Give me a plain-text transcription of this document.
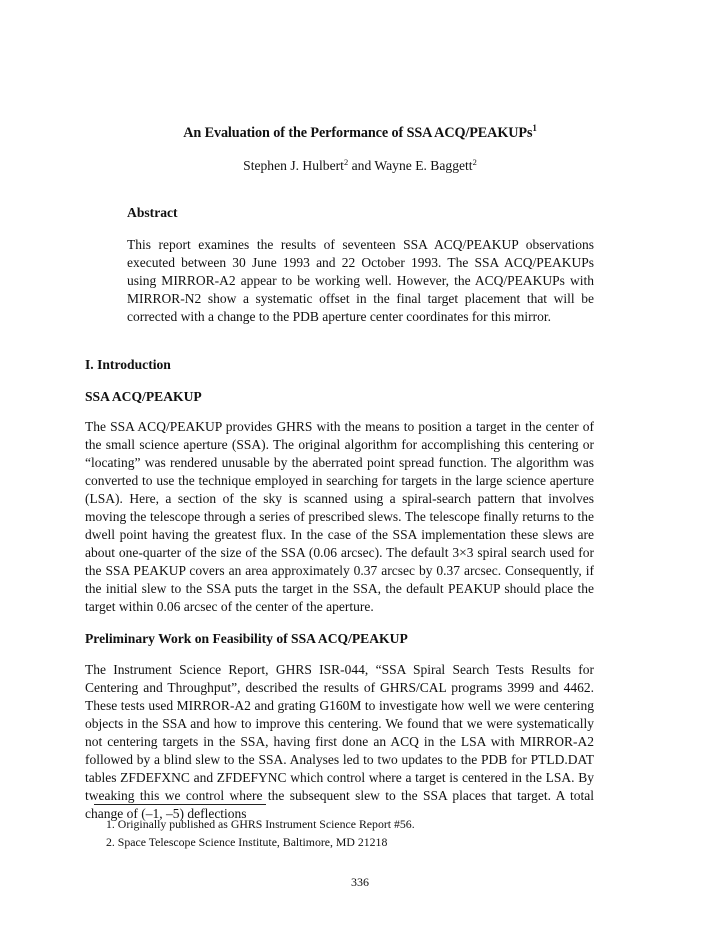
An Evaluation of the Performance of SSA ACQ/PEAKUPs$^1$
Stephen J. Hulbert$^2$ and Wayne E. Baggett$^2$
Abstract
This report examines the results of seventeen SSA ACQ/PEAKUP observations executed between 30 June 1993 and 22 October 1993. The SSA ACQ/PEAKUPs using MIRROR-A2 appear to be working well. However, the ACQ/PEAKUPs with MIRROR-N2 show a systematic offset in the final target placement that will be corrected with a change to the PDB aperture center coordinates for this mirror.
I. Introduction
SSA ACQ/PEAKUP
The SSA ACQ/PEAKUP provides GHRS with the means to position a target in the center of the small science aperture (SSA). The original algorithm for accomplishing this centering or “locating” was rendered unusable by the aberrated point spread function. The algorithm was converted to use the technique employed in searching for targets in the large science aperture (LSA). Here, a section of the sky is scanned using a spiral-search pattern that involves moving the telescope through a series of prescribed slews. The telescope finally returns to the dwell point having the greatest flux. In the case of the SSA implementation these slews are about one-quarter of the size of the SSA (0.06 arcsec). The default 3×3 spiral search used for the SSA PEAKUP covers an area approximately 0.37 arcsec by 0.37 arcsec. Consequently, if the initial slew to the SSA puts the target in the SSA, the default PEAKUP should place the target within 0.06 arcsec of the center of the aperture.
Preliminary Work on Feasibility of SSA ACQ/PEAKUP
The Instrument Science Report, GHRS ISR-044, “SSA Spiral Search Tests Results for Centering and Throughput”, described the results of GHRS/CAL programs 3999 and 4462. These tests used MIRROR-A2 and grating G160M to investigate how well we were centering objects in the SSA and how to improve this centering. We found that we were systematically not centering targets in the SSA, having first done an ACQ in the LSA with MIRROR-A2 followed by a blind slew to the SSA. Analyses led to two updates to the PDB for PTLD.DAT tables ZFDEFXNC and ZFDEFYNC which control where a target is centered in the LSA. By tweaking this we control where the subsequent slew to the SSA places that target. A total change of (–1, –5) deflections
1. Originally published as GHRS Instrument Science Report #56.
2. Space Telescope Science Institute, Baltimore, MD 21218
336
